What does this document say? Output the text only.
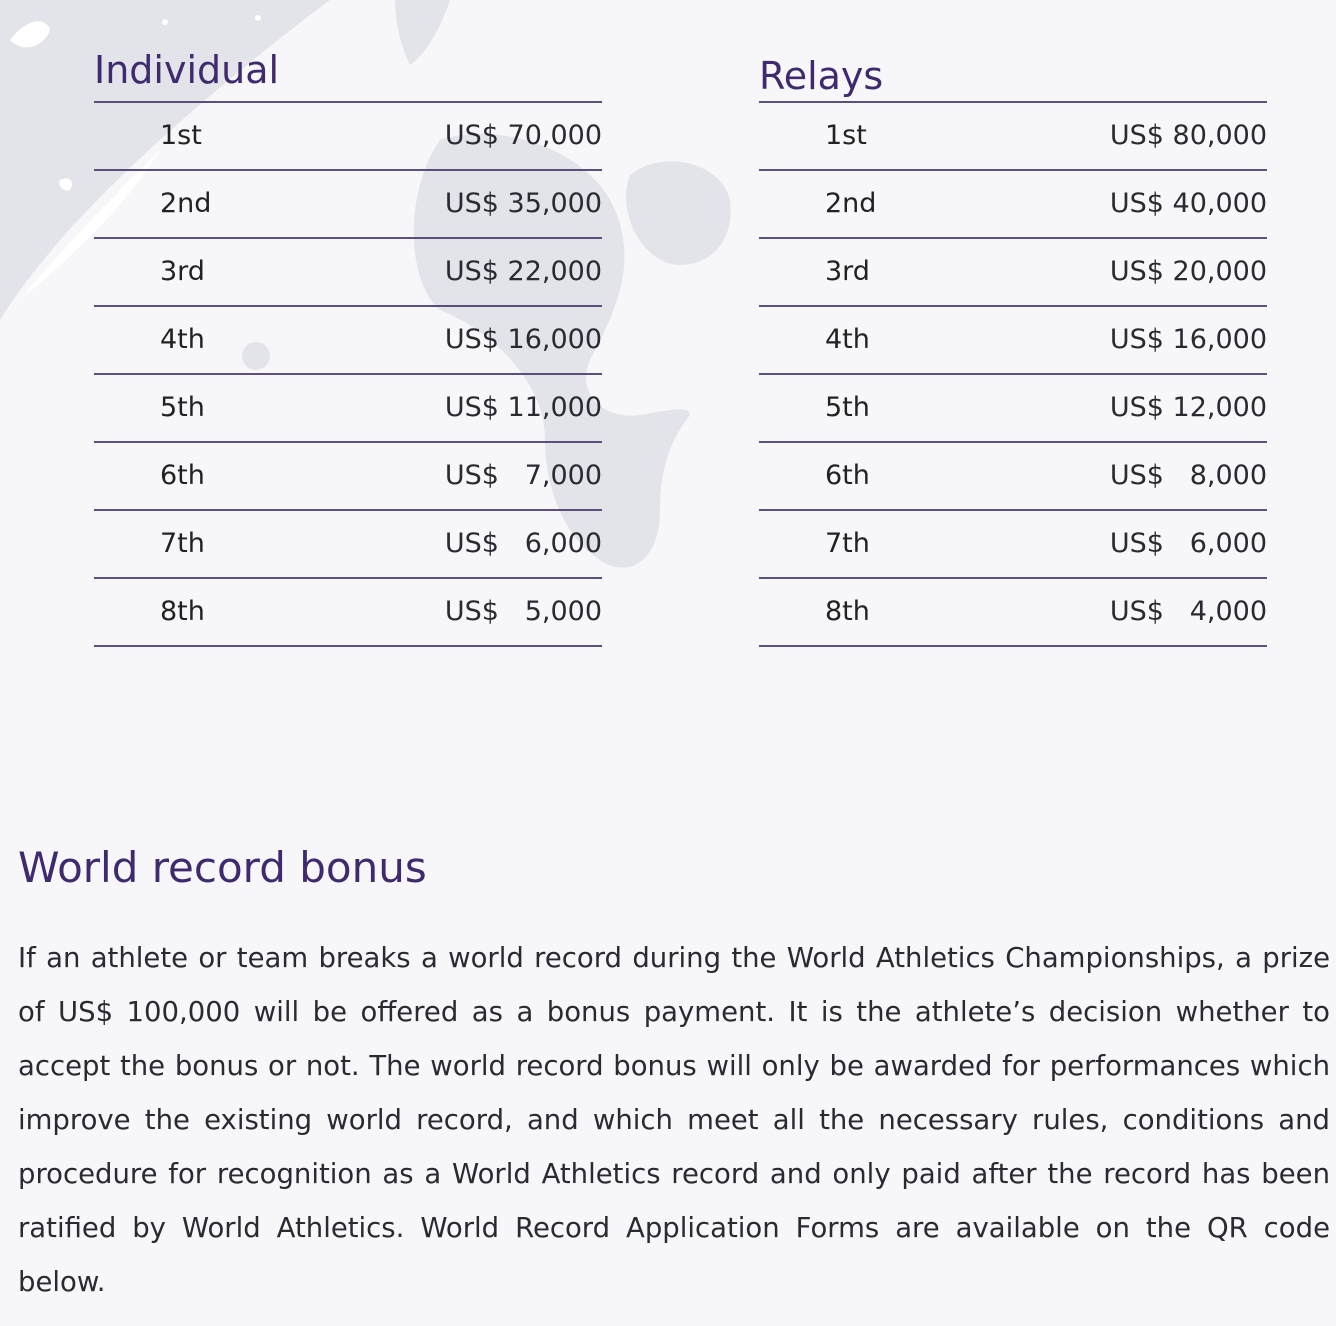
Individual
1st	US$ 70,000
2nd	US$ 35,000
3rd	US$ 22,000
4th	US$ 16,000
5th	US$ 11,000
6th	US$   7,000
7th	US$   6,000
8th	US$   5,000
Relays
1st	US$ 80,000
2nd	US$ 40,000
3rd	US$ 20,000
4th	US$ 16,000
5th	US$ 12,000
6th	US$   8,000
7th	US$   6,000
8th	US$   4,000
World record bonus

If an athlete or team breaks a world record during the World Athletics Championships, a prize of US$ 100,000 will be offered as a bonus payment. It is the athlete’s decision whether to accept the bonus or not. The world record bonus will only be awarded for performances which improve the existing world record, and which meet all the necessary rules, conditions and procedure for recognition as a World Athletics record and only paid after the record has been ratified by World Athletics. World Record Application Forms are available on the QR code below.
